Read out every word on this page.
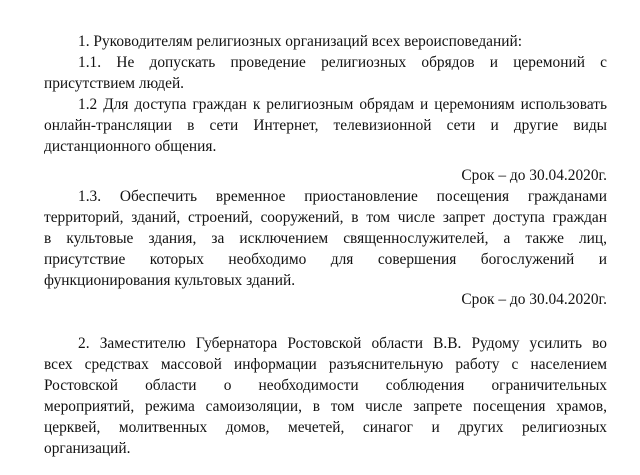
1. Руководителям религиозных организаций всех вероисповеданий:
1.1. Не допускать проведение религиозных обрядов и церемоний с
присутствием людей.
1.2 Для доступа граждан к религиозным обрядам и церемониям использовать
онлайн-трансляции в сети Интернет, телевизионной сети и другие виды
дистанционного общения.
Срок – до 30.04.2020г.
1.3. Обеспечить временное приостановление посещения гражданами
территорий, зданий, строений, сооружений, в том числе запрет доступа граждан
в культовые здания, за исключением священнослужителей, а также лиц,
присутствие которых необходимо для совершения богослужений и
функционирования культовых зданий.
Срок – до 30.04.2020г.
2. Заместителю Губернатора Ростовской области В.В. Рудому усилить во
всех средствах массовой информации разъяснительную работу с населением
Ростовской области о необходимости соблюдения ограничительных
мероприятий, режима самоизоляции, в том числе запрете посещения храмов,
церквей, молитвенных домов, мечетей, синагог и других религиозных
организаций.
